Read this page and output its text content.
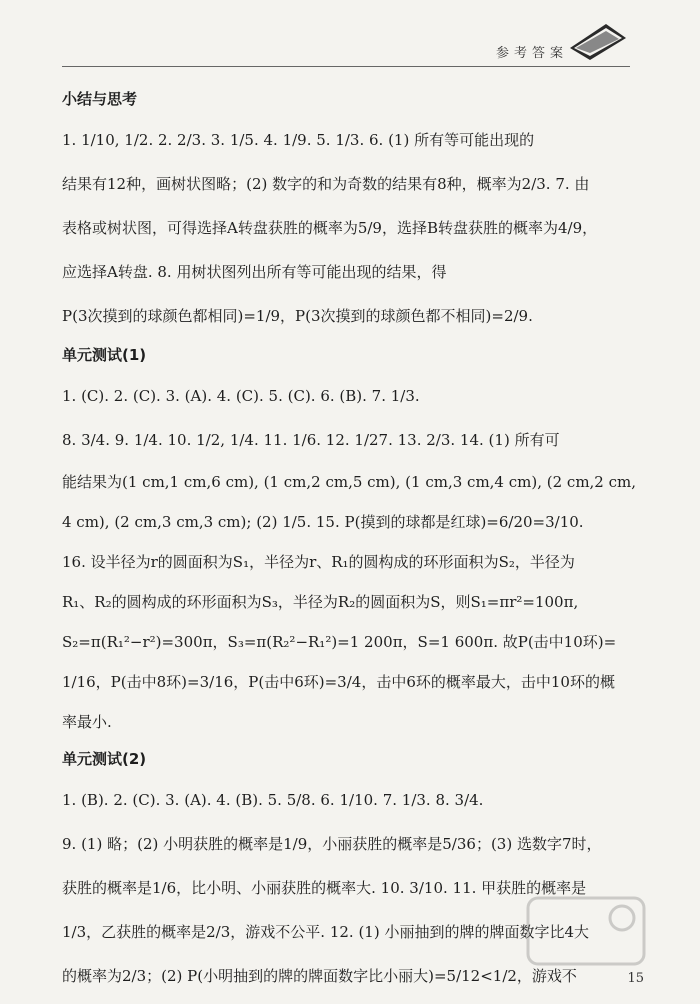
参考答案
小结与思考
1. 1/10, 1/2. 2. 2/3. 3. 1/5. 4. 1/9. 5. 1/3. 6. (1) 所有等可能出现的
结果有12种，画树状图略；(2) 数字的和为奇数的结果有8种，概率为2/3. 7. 由
表格或树状图，可得选择A转盘获胜的概率为5/9，选择B转盘获胜的概率为4/9，
应选择A转盘. 8. 用树状图列出所有等可能出现的结果，得
P(3次摸到的球颜色都相同)=1/9，P(3次摸到的球颜色都不相同)=2/9.
单元测试(1)
1. (C). 2. (C). 3. (A). 4. (C). 5. (C). 6. (B). 7. 1/3.
8. 3/4. 9. 1/4. 10. 1/2, 1/4. 11. 1/6. 12. 1/27. 13. 2/3. 14. (1) 所有可
能结果为(1 cm,1 cm,6 cm), (1 cm,2 cm,5 cm), (1 cm,3 cm,4 cm), (2 cm,2 cm,
4 cm), (2 cm,3 cm,3 cm); (2) 1/5. 15. P(摸到的球都是红球)=6/20=3/10.
16. 设半径为r的圆面积为S₁，半径为r、R₁的圆构成的环形面积为S₂，半径为
R₁、R₂的圆构成的环形面积为S₃，半径为R₂的圆面积为S，则S₁=πr²=100π,
S₂=π(R₁²−r²)=300π，S₃=π(R₂²−R₁²)=1 200π，S=1 600π. 故P(击中10环)=
1/16，P(击中8环)=3/16，P(击中6环)=3/4，击中6环的概率最大，击中10环的概
率最小.
单元测试(2)
1. (B). 2. (C). 3. (A). 4. (B). 5. 5/8. 6. 1/10. 7. 1/3. 8. 3/4.
9. (1) 略；(2) 小明获胜的概率是1/9，小丽获胜的概率是5/36；(3) 选数字7时，
获胜的概率是1/6，比小明、小丽获胜的概率大. 10. 3/10. 11. 甲获胜的概率是
1/3，乙获胜的概率是2/3，游戏不公平. 12. (1) 小丽抽到的牌的牌面数字比4大
的概率为2/3；(2) P(小明抽到的牌的牌面数字比小丽大)=5/12<1/2，游戏不	15
